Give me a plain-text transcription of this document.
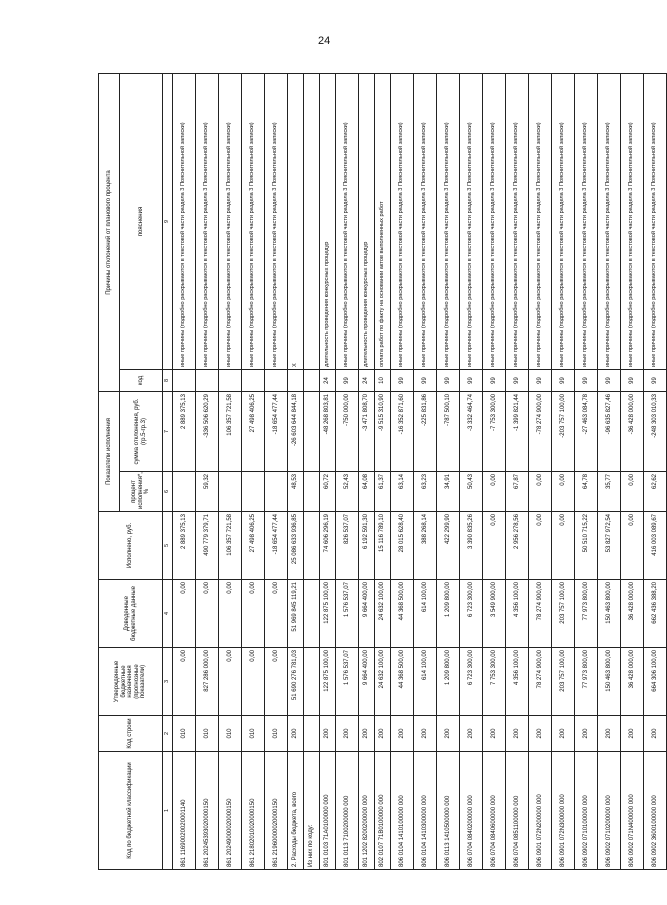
24
Код по бюджетной классификации	Код строки	Утвержденные бюджетные назначения (прогнозные показатели)	Доведенные бюджетные данные	Исполнено, руб.	Показатели исполнения		Причины отклонений от планового процента	
					процент исполнения*, %	сумма отклонения, руб. (гр.5-гр.3)	код	пояснения
1	2	3	4	5	6	7	8	9
861 11690020020001140	010	0,00	0,00	2 889 375,13		2 889 375,13		иные причины (подробно раскрываются в текстовой части раздела 3 Пояснительной записки)
861 20245393020000150	010	827 286 000,00	0,00	490 779 379,71	59,32	-336 506 620,29		иные причины (подробно раскрываются в текстовой части раздела 3 Пояснительной записки)
861 20249000020000150	010	0,00	0,00	106 357 721,58		106 357 721,58		иные причины (подробно раскрываются в текстовой части раздела 3 Пояснительной записки)
861 21802010020000150	010	0,00	0,00	27 498 406,25		27 498 406,25		иные причины (подробно раскрываются в текстовой части раздела 3 Пояснительной записки)
861 21960000020000150	010	0,00	0,00	-18 654 477,44		-18 654 477,44		иные причины (подробно раскрываются в текстовой части раздела 3 Пояснительной записки)
2. Расходы бюджета, всего	200	51 690 276 781,03	51 969 845 119,21	25 086 633 936,85	48,53	-26 603 644 844,18		X
Из них по коду:								
801 0103 71А0100000 000	200	122 875 100,00	122 875 100,00	74 606 296,19	60,72	-48 268 803,81	24	длительность проведения конкурсных процедур
801 0113 7100200000 000	200	1 576 537,07	1 576 537,07	826 537,07	52,43	-750 000,00	99	иные причины (подробно раскрываются в текстовой части раздела 3 Пояснительной записки)
801 1202 8200200000 000	200	9 664 400,00	9 664 400,00	6 192 591,30	64,08	-3 471 808,70	24	длительность проведения конкурсных процедур
802 0107 71В0100000 000	200	24 632 100,00	24 632 100,00	15 116 789,10	61,37	-9 515 310,90	10	оплата работ по факту на основании актов выполненных работ
806 0104 1410100000 000	200	44 368 500,00	44 368 500,00	28 015 628,40	63,14	-16 352 871,60	99	иные причины (подробно раскрываются в текстовой части раздела 3 Пояснительной записки)
806 0104 1410300000 000	200	614 100,00	614 100,00	388 268,14	63,23	-225 831,86	99	иные причины (подробно раскрываются в текстовой части раздела 3 Пояснительной записки)
806 0113 1410500000 000	200	1 209 800,00	1 209 800,00	422 299,90	34,91	-787 500,10	99	иные причины (подробно раскрываются в текстовой части раздела 3 Пояснительной записки)
806 0704 0840200000 000	200	6 723 300,00	6 723 300,00	3 390 835,26	50,43	-3 332 464,74	99	иные причины (подробно раскрываются в текстовой части раздела 3 Пояснительной записки)
806 0704 0840600000 000	200	7 753 300,00	3 549 900,00	0,00	0,00	-7 753 300,00	99	иные причины (подробно раскрываются в текстовой части раздела 3 Пояснительной записки)
806 0704 0851100000 000	200	4 356 100,00	4 356 100,00	2 956 278,56	67,87	-1 399 821,44	99	иные причины (подробно раскрываются в текстовой части раздела 3 Пояснительной записки)
806 0901 072N200000 000	200	78 274 900,00	78 274 900,00	0,00	0,00	-78 274 900,00	99	иные причины (подробно раскрываются в текстовой части раздела 3 Пояснительной записки)
806 0901 072N300000 000	200	203 757 100,00	203 757 100,00	0,00	0,00	-203 757 100,00	99	иные причины (подробно раскрываются в текстовой части раздела 3 Пояснительной записки)
806 0902 0710100000 000	200	77 973 800,00	77 973 800,00	50 510 715,22	64,78	-27 463 084,78	99	иные причины (подробно раскрываются в текстовой части раздела 3 Пояснительной записки)
806 0902 0710200000 000	200	150 463 800,00	150 463 800,00	53 827 972,54	35,77	-96 635 827,46	99	иные причины (подробно раскрываются в текстовой части раздела 3 Пояснительной записки)
806 0902 071N400000 000	200	36 428 000,00	36 428 000,00	0,00	0,00	-36 428 000,00	99	иные причины (подробно раскрываются в текстовой части раздела 3 Пояснительной записки)
806 0902 3600100000 000	200	664 306 100,00	662 436 388,20	416 003 089,67	62,62	-248 303 010,33	99	иные причины (подробно раскрываются в текстовой части раздела 3 Пояснительной записки)
